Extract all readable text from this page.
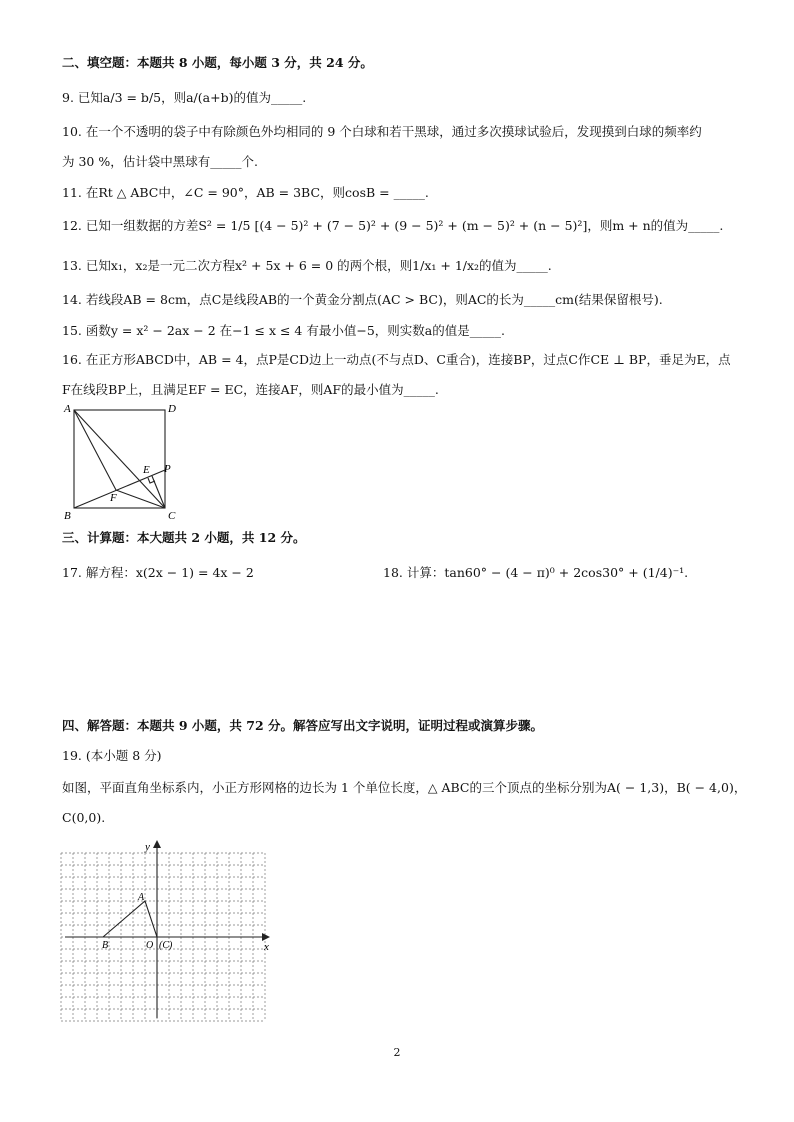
二、填空题：本题共 8 小题，每小题 3 分，共 24 分。
9. 已知a/3 = b/5，则a/(a+b)的值为_____.
10. 在一个不透明的袋子中有除颜色外均相同的 9 个白球和若干黑球，通过多次摸球试验后，发现摸到白球的频率约
为 30 %，估计袋中黑球有_____个.
11. 在Rt △ ABC中，∠C = 90°，AB = 3BC，则cosB = _____.
12. 已知一组数据的方差S² = 1/5 [(4 − 5)² + (7 − 5)² + (9 − 5)² + (m − 5)² + (n − 5)²]，则m + n的值为_____.
13. 已知x₁，x₂是一元二次方程x² + 5x + 6 = 0 的两个根，则1/x₁ + 1/x₂的值为_____.
14. 若线段AB = 8cm，点C是线段AB的一个黄金分割点(AC > BC)，则AC的长为_____cm(结果保留根号).
15. 函数y = x² − 2ax − 2 在−1 ≤ x ≤ 4 有最小值−5，则实数a的值是_____.
16. 在正方形ABCD中，AB = 4，点P是CD边上一动点(不与点D、C重合)，连接BP，过点C作CE ⊥ BP，垂足为E，点
F在线段BP上，且满足EF = EC，连接AF，则AF的最小值为_____.
A	D
B	C
E P
F
三、计算题：本大题共 2 小题，共 12 分。
17. 解方程：x(2x − 1) = 4x − 2	18. 计算：tan60° − (4 − π)⁰ + 2cos30° + (1/4)⁻¹.
四、解答题：本题共 9 小题，共 72 分。解答应写出文字说明，证明过程或演算步骤。
19. (本小题 8 分)
如图，平面直角坐标系内，小正方形网格的边长为 1 个单位长度，△ ABC的三个顶点的坐标分别为A( − 1,3)，B( − 4,0)，
C(0,0).
x
y
A
B	O (C)
2
